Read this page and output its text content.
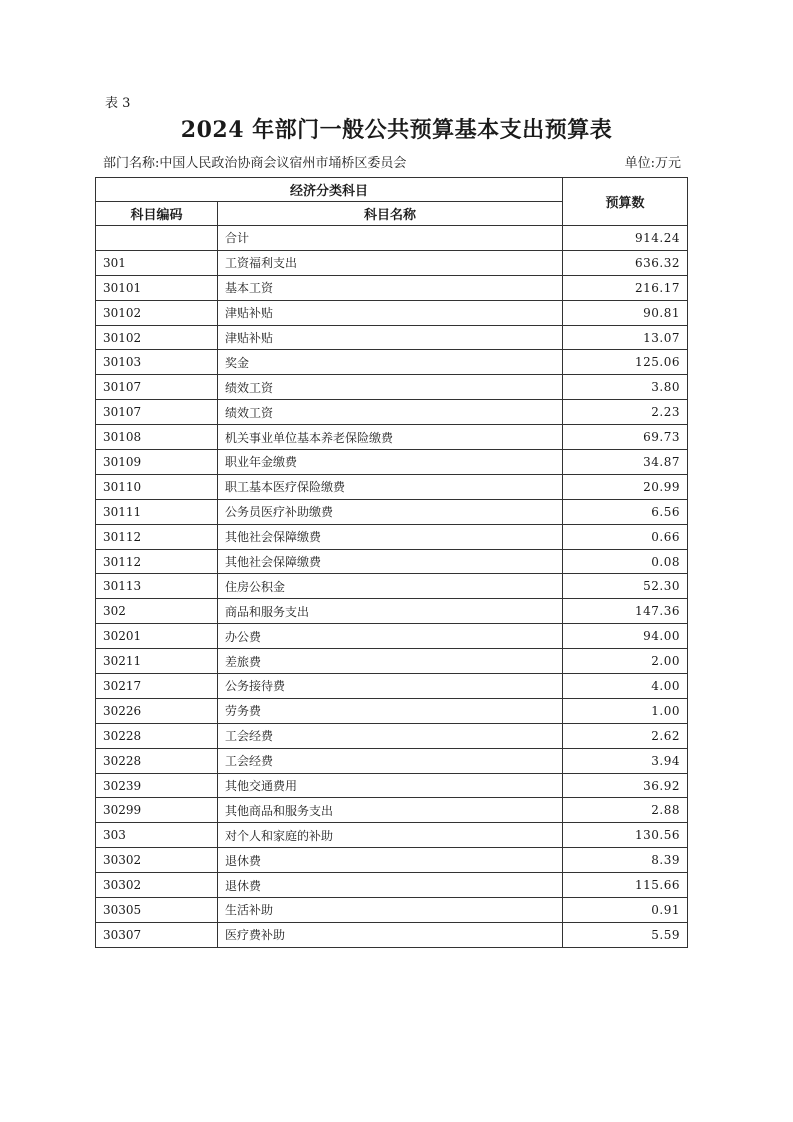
表 3
2024 年部门一般公共预算基本支出预算表
部门名称:中国人民政治协商会议宿州市埇桥区委员会	单位:万元
经济分类科目		预算数
科目编码	科目名称	
	合计	914.24
301	工资福利支出	636.32
30101	基本工资	216.17
30102	津贴补贴	90.81
30102	津贴补贴	13.07
30103	奖金	125.06
30107	绩效工资	3.80
30107	绩效工资	2.23
30108	机关事业单位基本养老保险缴费	69.73
30109	职业年金缴费	34.87
30110	职工基本医疗保险缴费	20.99
30111	公务员医疗补助缴费	6.56
30112	其他社会保障缴费	0.66
30112	其他社会保障缴费	0.08
30113	住房公积金	52.30
302	商品和服务支出	147.36
30201	办公费	94.00
30211	差旅费	2.00
30217	公务接待费	4.00
30226	劳务费	1.00
30228	工会经费	2.62
30228	工会经费	3.94
30239	其他交通费用	36.92
30299	其他商品和服务支出	2.88
303	对个人和家庭的补助	130.56
30302	退休费	8.39
30302	退休费	115.66
30305	生活补助	0.91
30307	医疗费补助	5.59
